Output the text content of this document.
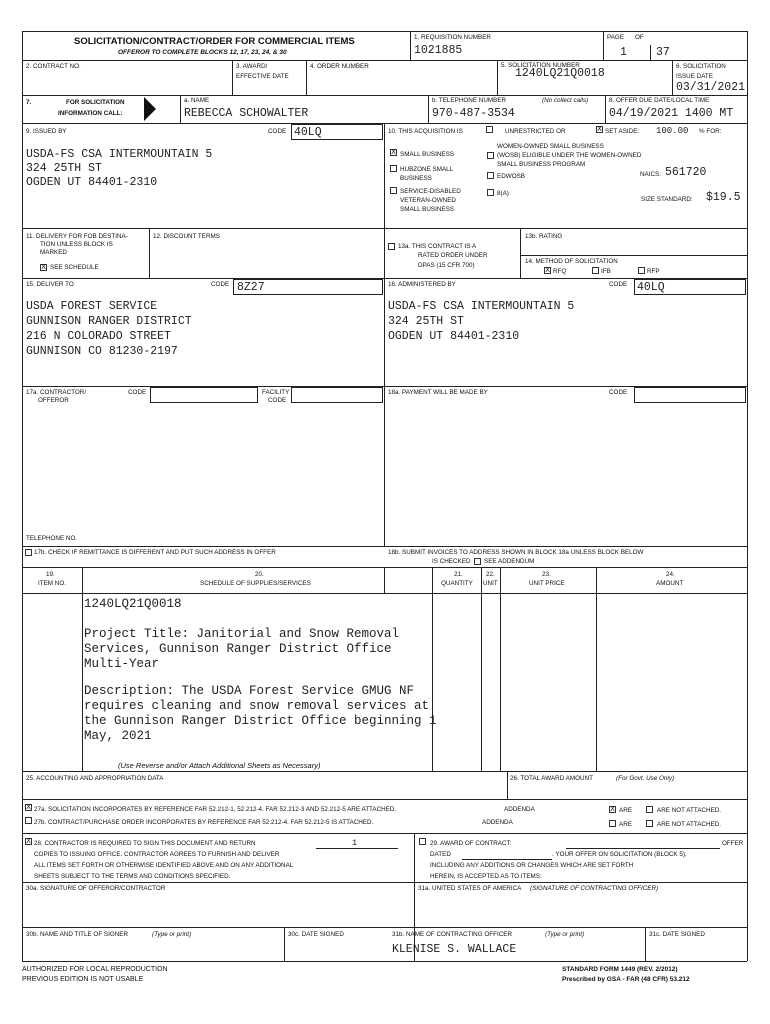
SOLICITATION/CONTRACT/ORDER FOR COMMERCIAL ITEMS
OFFEROR TO COMPLETE BLOCKS 12, 17, 23, 24, & 30
1. REQUISITION NUMBER
1021885
PAGE OF
1	37
2. CONTRACT NO.	3. AWARD/
EFFECTIVE DATE
4. ORDER NUMBER	5. SOLICITATION NUMBER
1240LQ21Q0018
6. SOLICITATION
ISSUE DATE
03/31/2021
7.	FOR SOLICITATION
INFORMATION CALL:
a. NAME
REBECCA SCHOWALTER
b. TELEPHONE NUMBER	(No collect calls)
970-487-3534
8. OFFER DUE DATE/LOCAL TIME
04/19/2021 1400 MT
9. ISSUED BY	CODE 40LQ
USDA-FS CSA INTERMOUNTAIN 5
324 25TH ST
OGDEN UT 84401-2310
10. THIS ACQUISITION IS	UNRESTRICTED OR	X SET ASIDE: 100.00 % FOR:
X SMALL BUSINESS
HUBZONE SMALL
BUSINESS
SERVICE-DISABLED
VETERAN-OWNED
SMALL BUSINESS
WOMEN-OWNED SMALL BUSINESS
(WOSB) ELIGIBLE UNDER THE WOMEN-OWNED
SMALL BUSINESS PROGRAM
EDWOSB
8(A)
NAICS: 561720
SIZE STANDARD: $19.5
11. DELIVERY FOR FOB DESTINA-
TION UNLESS BLOCK IS
MARKED
X SEE SCHEDULE
12. DISCOUNT TERMS
13a. THIS CONTRACT IS A
RATED ORDER UNDER
DPAS (15 CFR 700)
13b. RATING
14. METHOD OF SOLICITATION
X RFQ	IFB	RFP
15. DELIVER TO	CODE 8Z27
USDA FOREST SERVICE
GUNNISON RANGER DISTRICT
216 N COLORADO STREET
GUNNISON CO 81230-2197
16. ADMINISTERED BY	CODE 40LQ
USDA-FS CSA INTERMOUNTAIN 5
324 25TH ST
OGDEN UT 84401-2310
17a. CONTRACTOR/
OFFEROR
CODE	FACILITY
CODE
TELEPHONE NO.
17b. CHECK IF REMITTANCE IS DIFFERENT AND PUT SUCH ADDRESS IN OFFER
18a. PAYMENT WILL BE MADE BY	CODE
18b. SUBMIT INVOICES TO ADDRESS SHOWN IN BLOCK 18a UNLESS BLOCK BELOW
IS CHECKED SEE ADDENDUM
19.
ITEM NO.
20.
SCHEDULE OF SUPPLIES/SERVICES
21.
QUANTITY
22.
UNIT
23.
UNIT PRICE
24.
AMOUNT
1240LQ21Q0018
Project Title: Janitorial and Snow Removal
Services, Gunnison Ranger District Office
Multi-Year
Description: The USDA Forest Service GMUG NF
requires cleaning and snow removal services at
the Gunnison Ranger District Office beginning 1
May, 2021
(Use Reverse and/or Attach Additional Sheets as Necessary)
25. ACCOUNTING AND APPROPRIATION DATA	26. TOTAL AWARD AMOUNT	(For Govt. Use Only)
X 27a. SOLICITATION INCORPORATES BY REFERENCE FAR 52.212-1, 52.212-4. FAR 52.212-3 AND 52.212-5 ARE ATTACHED.	ADDENDA	X ARE	ARE NOT ATTACHED.
27b. CONTRACT/PURCHASE ORDER INCORPORATES BY REFERENCE FAR 52.212-4. FAR 52.212-5 IS ATTACHED.	ADDENDA	ARE	ARE NOT ATTACHED.
X 28. CONTRACTOR IS REQUIRED TO SIGN THIS DOCUMENT AND RETURN	1
COPIES TO ISSUING OFFICE. CONTRACTOR AGREES TO FURNISH AND DELIVER
ALL ITEMS SET FORTH OR OTHERWISE IDENTIFIED ABOVE AND ON ANY ADDITIONAL
SHEETS SUBJECT TO THE TERMS AND CONDITIONS SPECIFIED.
29. AWARD OF CONTRACT:	OFFER
DATED	. YOUR OFFER ON SOLICITATION (BLOCK 5),
INCLUDING ANY ADDITIONS OR CHANGES WHICH ARE SET FORTH
HEREIN, IS ACCEPTED AS TO ITEMS:
30a. SIGNATURE OF OFFEROR/CONTRACTOR	31a. UNITED STATES OF AMERICA (SIGNATURE OF CONTRACTING OFFICER)
30b. NAME AND TITLE OF SIGNER	(Type or print)	30c. DATE SIGNED	31b. NAME OF CONTRACTING OFFICER	(Type or print)
KLENISE S. WALLACE
31c. DATE SIGNED
AUTHORIZED FOR LOCAL REPRODUCTION
PREVIOUS EDITION IS NOT USABLE
STANDARD FORM 1449 (REV. 2/2012)
Prescribed by GSA - FAR (48 CFR) 53.212
